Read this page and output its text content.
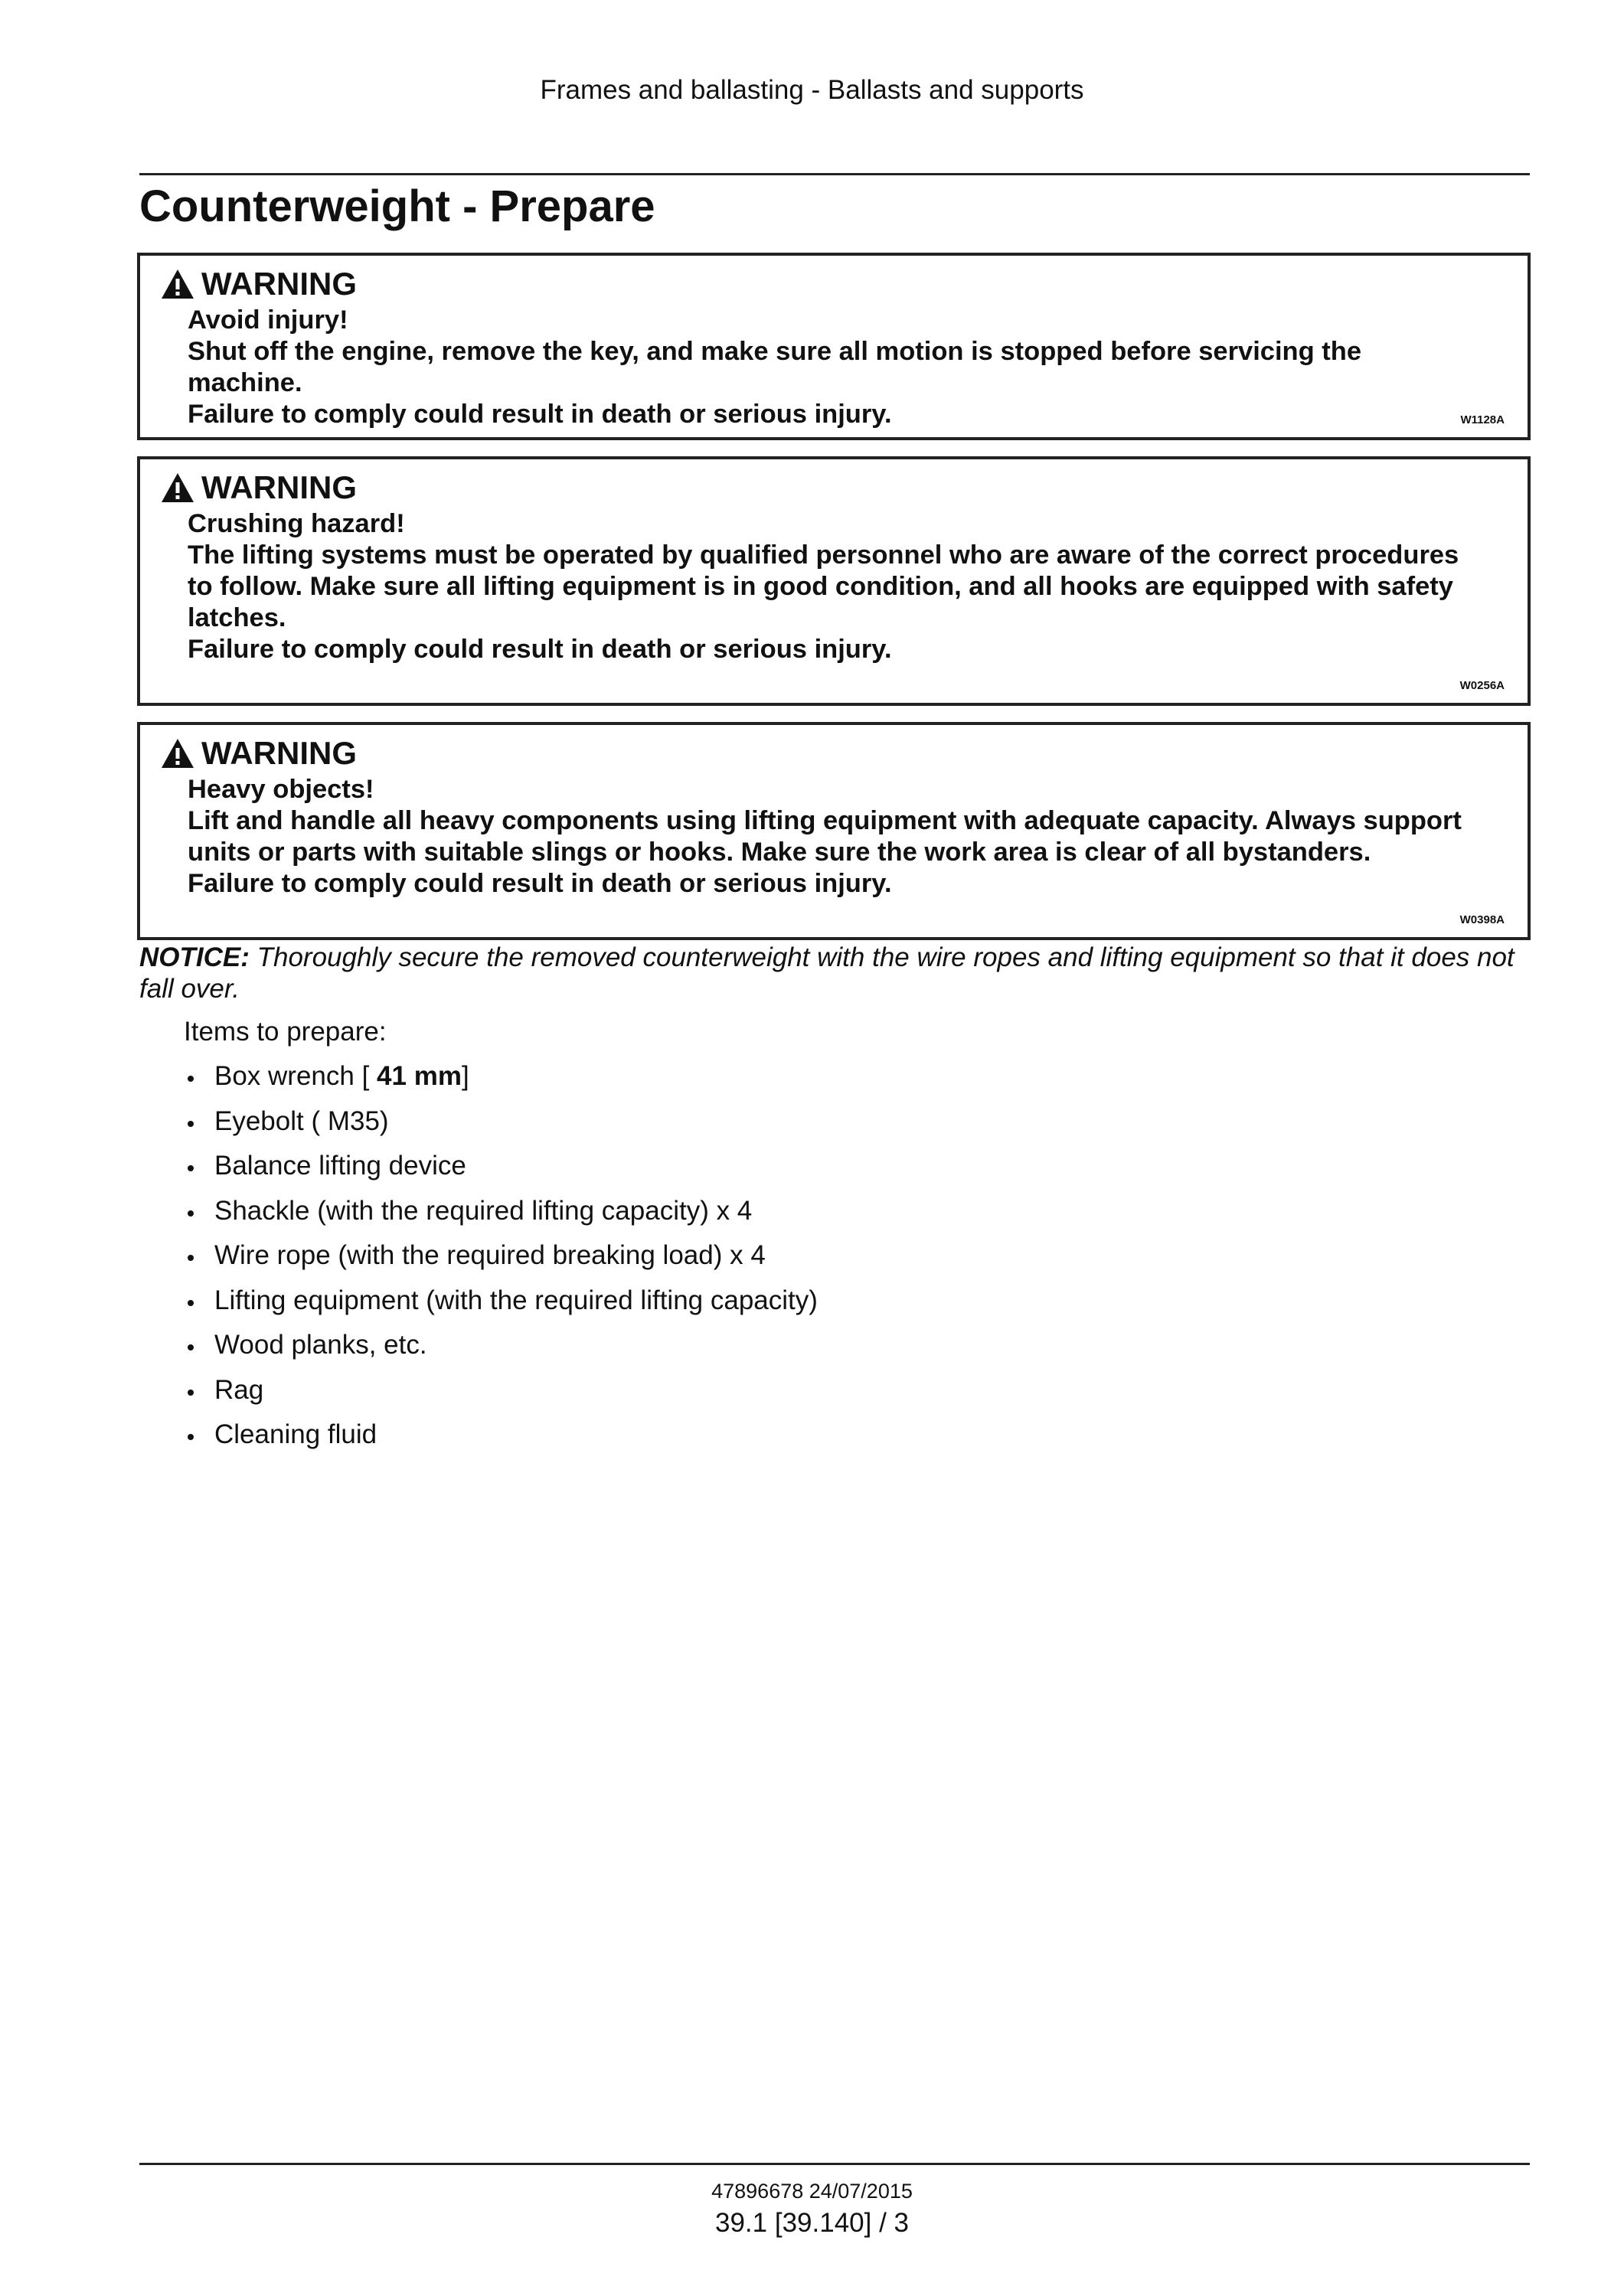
Frames and ballasting - Ballasts and supports
Counterweight - Prepare
WARNING

Avoid injury!

Shut off the engine, remove the key, and make sure all motion is stopped before servicing the machine.

Failure to comply could result in death or serious injury.	W1128A
WARNING

Crushing hazard!

The lifting systems must be operated by qualified personnel who are aware of the correct procedures to follow. Make sure all lifting equipment is in good condition, and all hooks are equipped with safety latches.

Failure to comply could result in death or serious injury.

W0256A
WARNING

Heavy objects!

Lift and handle all heavy components using lifting equipment with adequate capacity. Always support units or parts with suitable slings or hooks. Make sure the work area is clear of all bystanders.

Failure to comply could result in death or serious injury.

W0398A

NOTICE: Thoroughly secure the removed counterweight with the wire ropes and lifting equipment so that it does not fall over.

Items to prepare:

Box wrench [ 41 mm]
Eyebolt ( M35)
Balance lifting device
Shackle (with the required lifting capacity) x 4
Wire rope (with the required breaking load) x 4
Lifting equipment (with the required lifting capacity)
Wood planks, etc.
Rag
Cleaning fluid
47896678 24/07/2015
39.1 [39.140] / 3
